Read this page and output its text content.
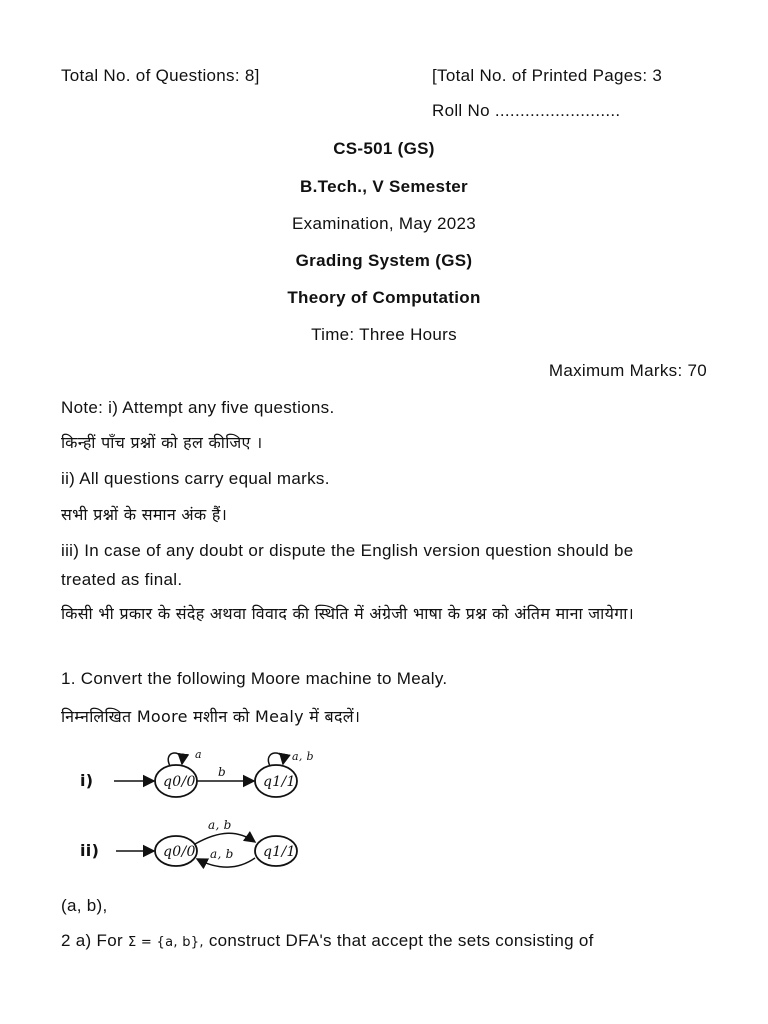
Total No. of Questions: 8]	[Total No. of Printed Pages: 3
Roll No .........................
CS-501 (GS)
B.Tech., V Semester
Examination, May 2023
Grading System (GS)
Theory of Computation
Time: Three Hours
Maximum Marks: 70
Note: i) Attempt any five questions.
किन्हीं पाँच प्रश्नों को हल कीजिए ।
ii) All questions carry equal marks.
सभी प्रश्नों के समान अंक हैं।
iii) In case of any doubt or dispute the English version question should be treated as final.
किसी भी प्रकार के संदेह अथवा विवाद की स्थिति में अंग्रेजी भाषा के प्रश्न को अंतिम माना जायेगा।
1. Convert the following Moore machine to Mealy.
निम्नलिखित Moore मशीन को Mealy में बदलें।
i)	q0/0
a
b
q1/1
a, b
ii)	q0/0
a, b
a, b q1/1
(a, b),
2 a) For Σ = {a, b}, construct DFA's that accept the sets consisting of
